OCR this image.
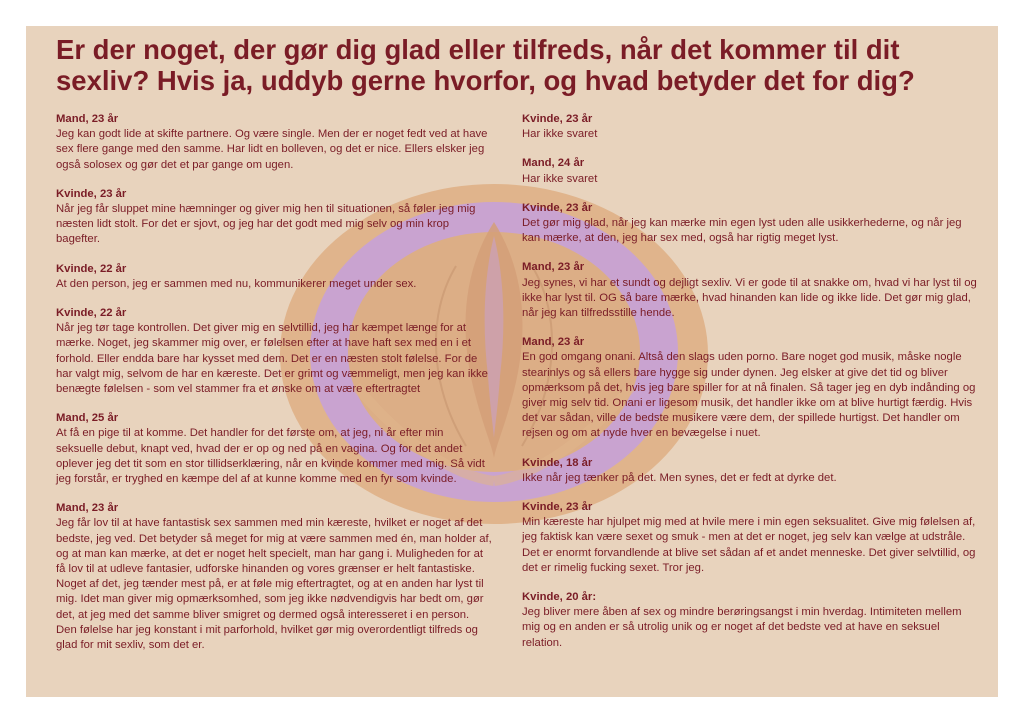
Er der noget, der gør dig glad eller tilfreds, når det kommer til dit sexliv? Hvis ja, uddyb gerne hvorfor, og hvad betyder det for dig?
Mand, 23 år
Jeg kan godt lide at skifte partnere. Og være single. Men der er noget fedt ved at have sex flere gange med den samme. Har lidt en bolleven, og det er nice. Ellers elsker jeg også solosex og gør det et par gange om ugen.
Kvinde, 23 år
Når jeg får sluppet mine hæmninger og giver mig hen til situationen, så føler jeg mig næsten lidt stolt. For det er sjovt, og jeg har det godt med mig selv og min krop bagefter.
Kvinde, 22 år
At den person, jeg er sammen med nu, kommunikerer meget under sex.
Kvinde, 22 år
Når jeg tør tage kontrollen. Det giver mig en selvtillid, jeg har kæmpet længe for at mærke. Noget, jeg skammer mig over, er følelsen efter at have haft sex med en i et forhold. Eller endda bare har kysset med dem. Det er en næsten stolt følelse. For de har valgt mig, selvom de har en kæreste. Det er grimt og væmmeligt, men jeg kan ikke benægte følelsen - som vel stammer fra et ønske om at være eftertragtet
Mand, 25 år
At få en pige til at komme. Det handler for det første om, at jeg, ni år efter min seksuelle debut, knapt ved, hvad der er op og ned på en vagina. Og for det andet oplever jeg det tit som en stor tillidserklæring, når en kvinde kommer med mig. Så vidt jeg forstår, er tryghed en kæmpe del af at kunne komme med en fyr som kvinde.
Mand, 23 år
Jeg får lov til at have fantastisk sex sammen med min kæreste, hvilket er noget af det bedste, jeg ved. Det betyder så meget for mig at være sammen med én, man holder af, og at man kan mærke, at det er noget helt specielt, man har gang i. Muligheden for at få lov til at udleve fantasier, udforske hinanden og vores grænser er helt fantastiske. Noget af det, jeg tænder mest på, er at føle mig eftertragtet, og at en anden har lyst til mig. Idet man giver mig opmærksomhed, som jeg ikke nødvendigvis har bedt om, gør det, at jeg med det samme bliver smigret og dermed også interesseret i en person. Den følelse har jeg konstant i mit parforhold, hvilket gør mig overordentligt tilfreds og glad for mit sexliv, som det er.
Kvinde, 23 år
Har ikke svaret
Mand, 24 år
Har ikke svaret
Kvinde, 23 år
Det gør mig glad, når jeg kan mærke min egen lyst uden alle usikkerhederne, og når jeg kan mærke, at den, jeg har sex med, også har rigtig meget lyst.
Mand, 23 år
Jeg synes, vi har et sundt og dejligt sexliv. Vi er gode til at snakke om, hvad vi har lyst til og ikke har lyst til. OG så bare mærke, hvad hinanden kan lide og ikke lide. Det gør mig glad, når jeg kan tilfredsstille hende.
Mand, 23 år
En god omgang onani. Altså den slags uden porno. Bare noget god musik, måske nogle stearinlys og så ellers bare hygge sig under dynen. Jeg elsker at give det tid og bliver opmærksom på det, hvis jeg bare spiller for at nå finalen. Så tager jeg en dyb indånding og giver mig selv tid. Onani er ligesom musik, det handler ikke om at blive hurtigt færdig. Hvis det var sådan, ville de bedste musikere være dem, der spillede hurtigst. Det handler om rejsen og om at nyde hver en bevægelse i nuet.
Kvinde, 18 år
Ikke når jeg tænker på det. Men synes, det er fedt at dyrke det.
Kvinde, 23 år
Min kæreste har hjulpet mig med at hvile mere i min egen seksualitet. Give mig følelsen af, jeg faktisk kan være sexet og smuk - men at det er noget, jeg selv kan vælge at udstråle. Det er enormt forvandlende at blive set sådan af et andet menneske. Det giver selvtillid, og det er rimelig fucking sexet. Tror jeg.
Kvinde, 20 år:
Jeg bliver mere åben af sex og mindre berøringsangst i min hverdag. Intimiteten mellem mig og en anden er så utrolig unik og er noget af det bedste ved at have en seksuel relation.
